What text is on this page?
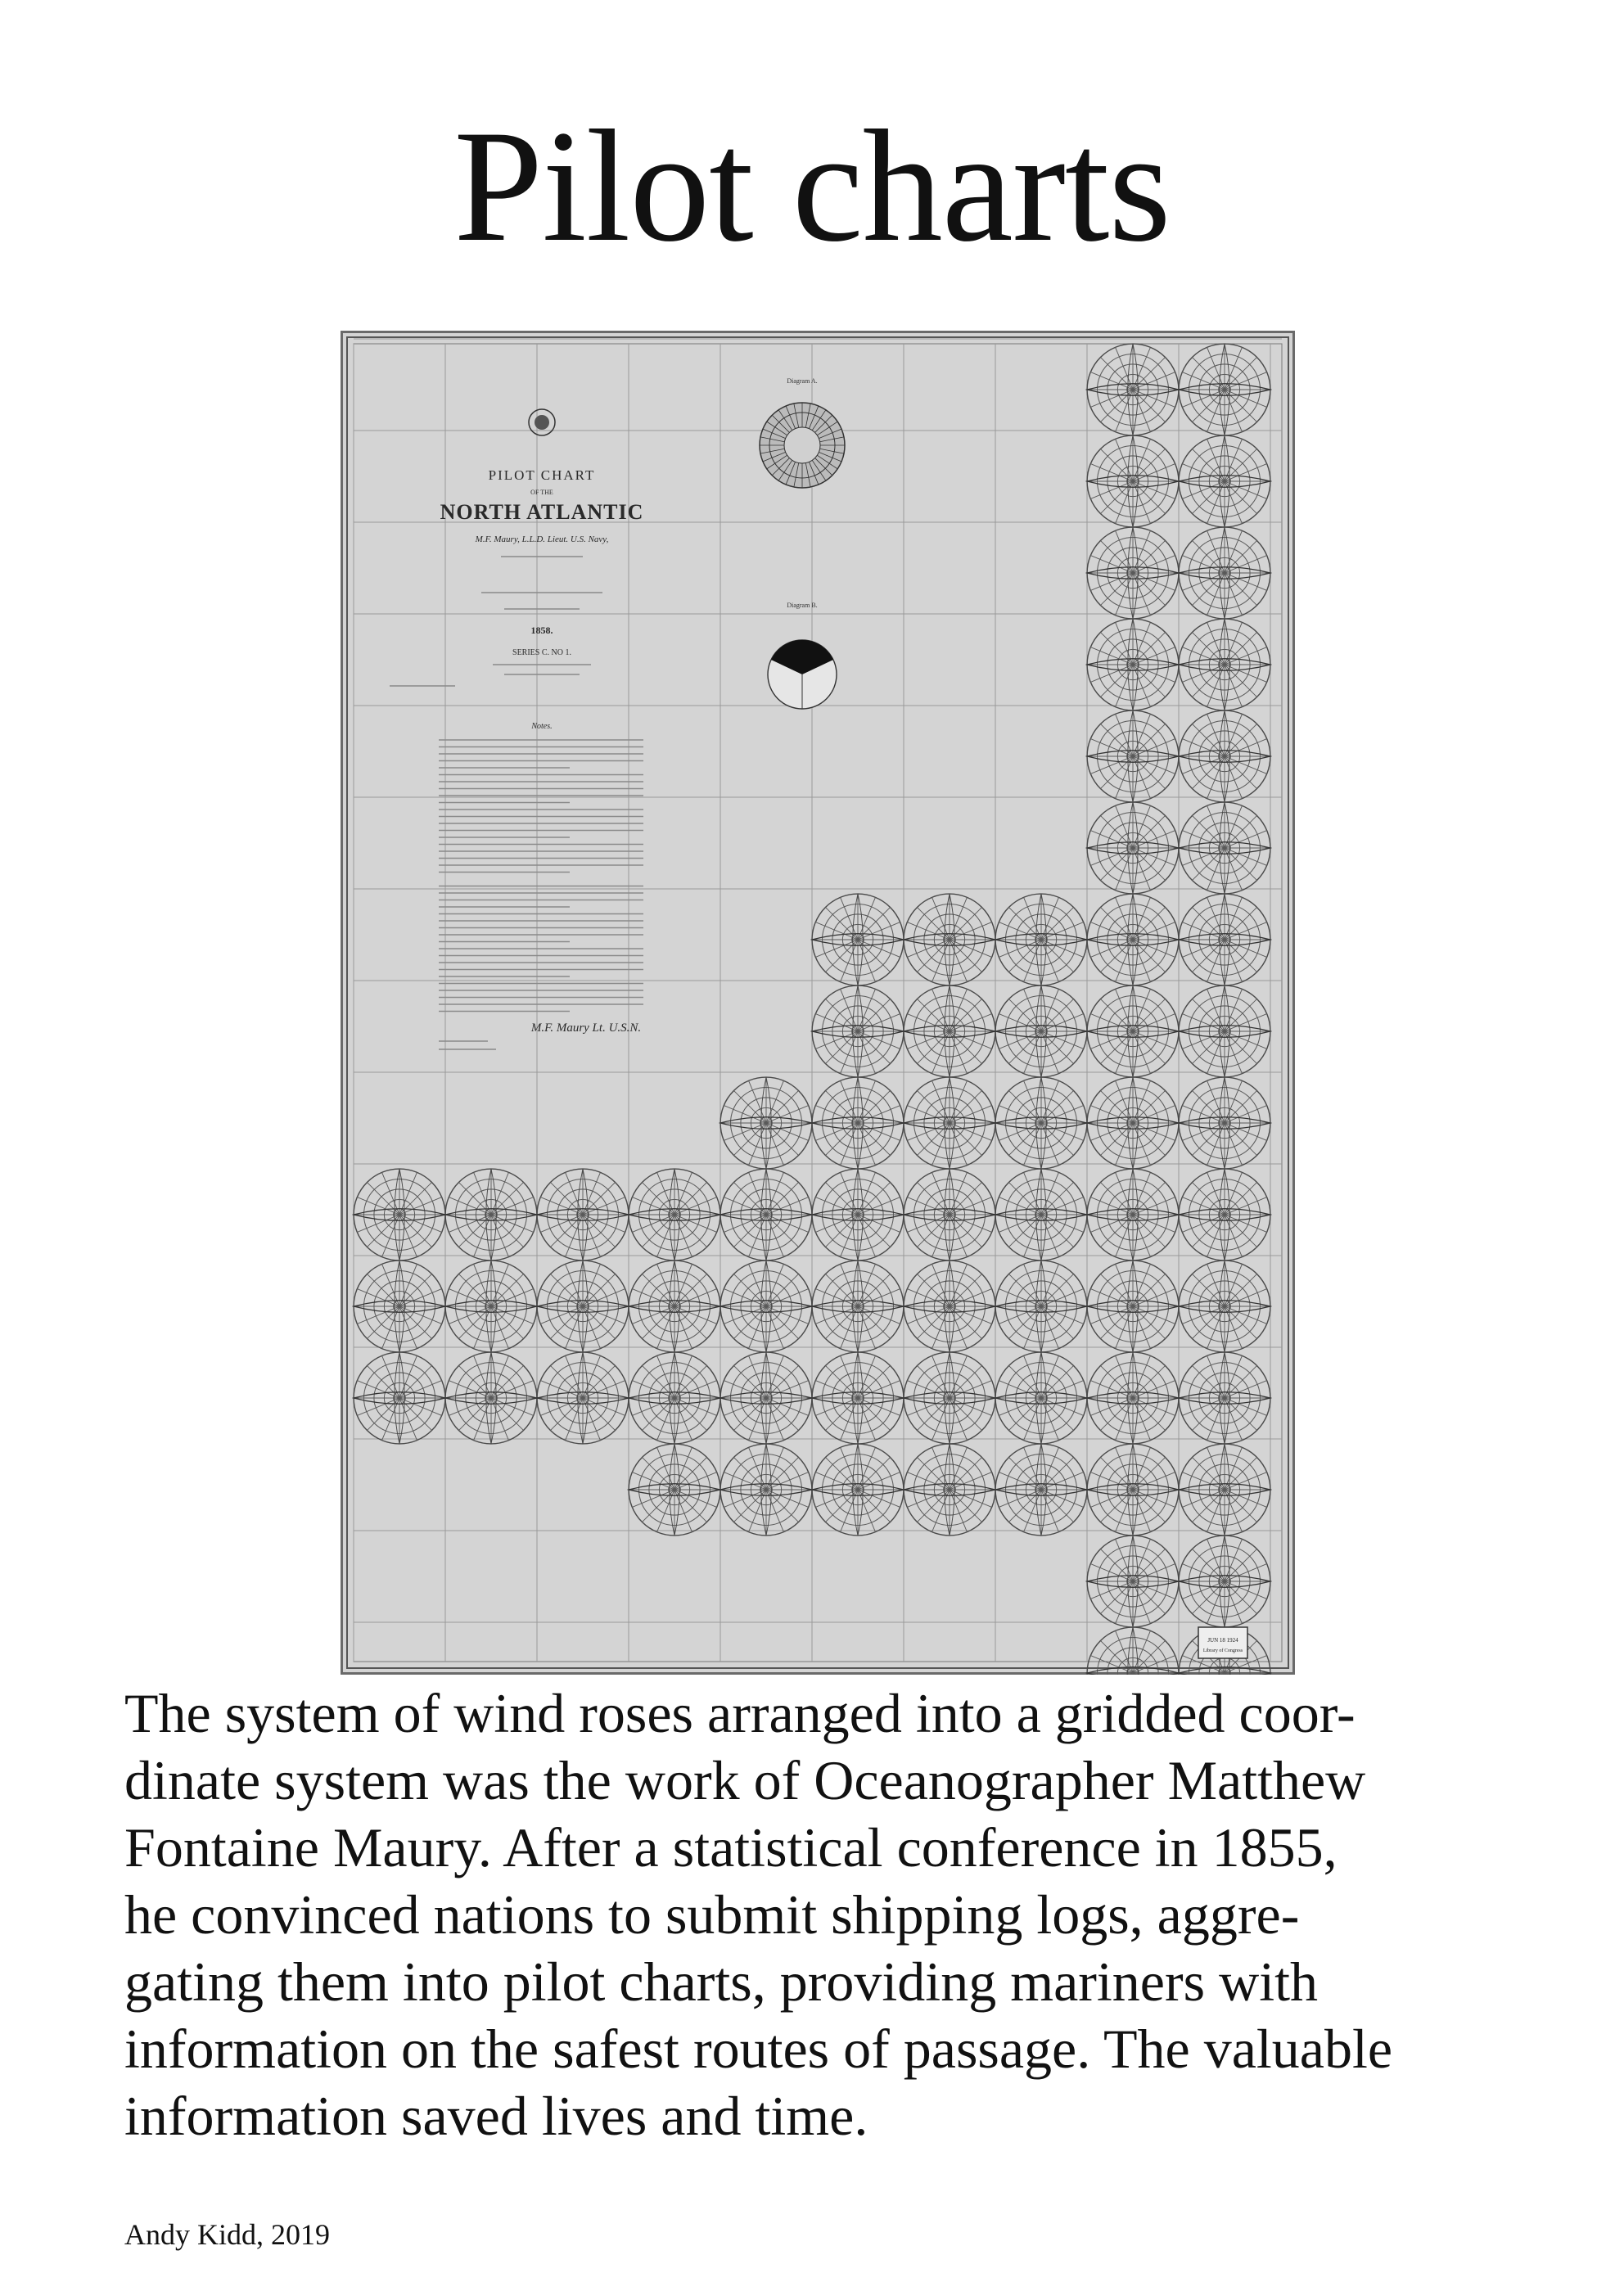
Pilot charts
PILOT CHART
OF THE
NORTH ATLANTIC
M.F. Maury, L.L.D. Lieut. U.S. Navy,
1858.
SERIES C. NO 1.
Notes.
M.F. Maury Lt. U.S.N.
Diagram A.
Diagram B.
JUN 18 1924
Library of Congress

The system of wind roses arranged into a gridded coor-
dinate system was the work of Oceanographer Matthew
Fontaine Maury. After a statistical conference in 1855,
he convinced nations to submit shipping logs, aggre-
gating them into pilot charts, providing mariners with
information on the safest routes of passage. The valuable
information saved lives and time.

Andy Kidd, 2019
